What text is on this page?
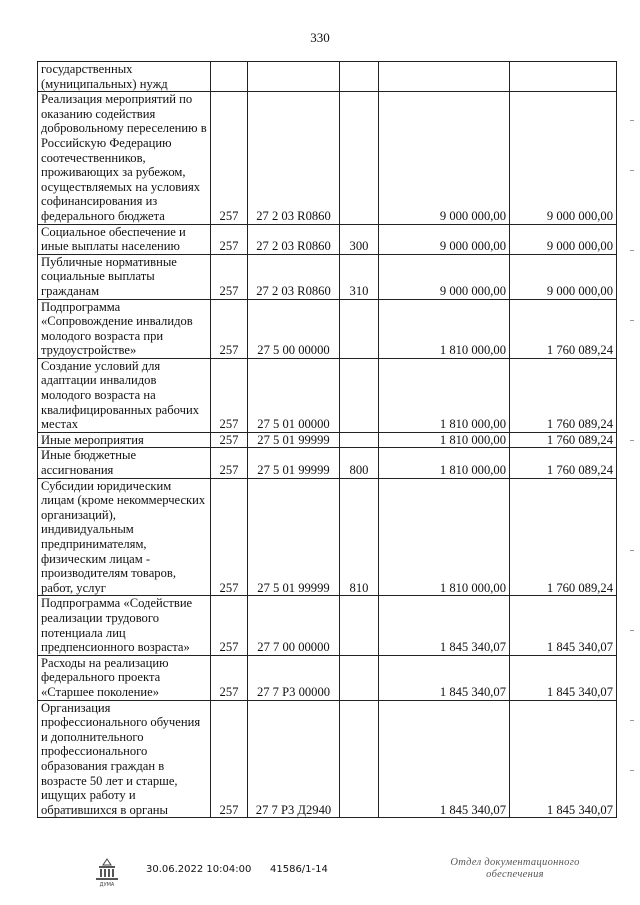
330
государственных (муниципальных) нужд					
Реализация мероприятий по оказанию содействия добровольному переселению в Российскую Федерацию соотечественников, проживающих за рубежом, осуществляемых на условиях софинансирования из федерального бюджета	257	27 2 03 R0860		9 000 000,00	9 000 000,00
Социальное обеспечение и иные выплаты населению	257	27 2 03 R0860	300	9 000 000,00	9 000 000,00
Публичные нормативные социальные выплаты гражданам	257	27 2 03 R0860	310	9 000 000,00	9 000 000,00
Подпрограмма «Сопровождение инвалидов молодого возраста при трудоустройстве»	257	27 5 00 00000		1 810 000,00	1 760 089,24
Создание условий для адаптации инвалидов молодого возраста на квалифицированных рабочих местах	257	27 5 01 00000		1 810 000,00	1 760 089,24
Иные мероприятия	257	27 5 01 99999		1 810 000,00	1 760 089,24
Иные бюджетные ассигнования	257	27 5 01 99999	800	1 810 000,00	1 760 089,24
Субсидии юридическим лицам (кроме некоммерческих организаций), индивидуальным предпринимателям, физическим лицам - производителям товаров, работ, услуг	257	27 5 01 99999	810	1 810 000,00	1 760 089,24
Подпрограмма «Содействие реализации трудового потенциала лиц предпенсионного возраста»	257	27 7 00 00000		1 845 340,07	1 845 340,07
Расходы на реализацию федерального проекта «Старшее поколение»	257	27 7 P3 00000		1 845 340,07	1 845 340,07
Организация профессионального обучения и дополнительного профессионального образования граждан в возрасте 50 лет и старше, ищущих работу и обратившихся в органы	257	27 7 P3 Д2940		1 845 340,07	1 845 340,07
ДУМА
30.06.2022 10:04:00 41586/1-14
Отдел документационного обеспечения
